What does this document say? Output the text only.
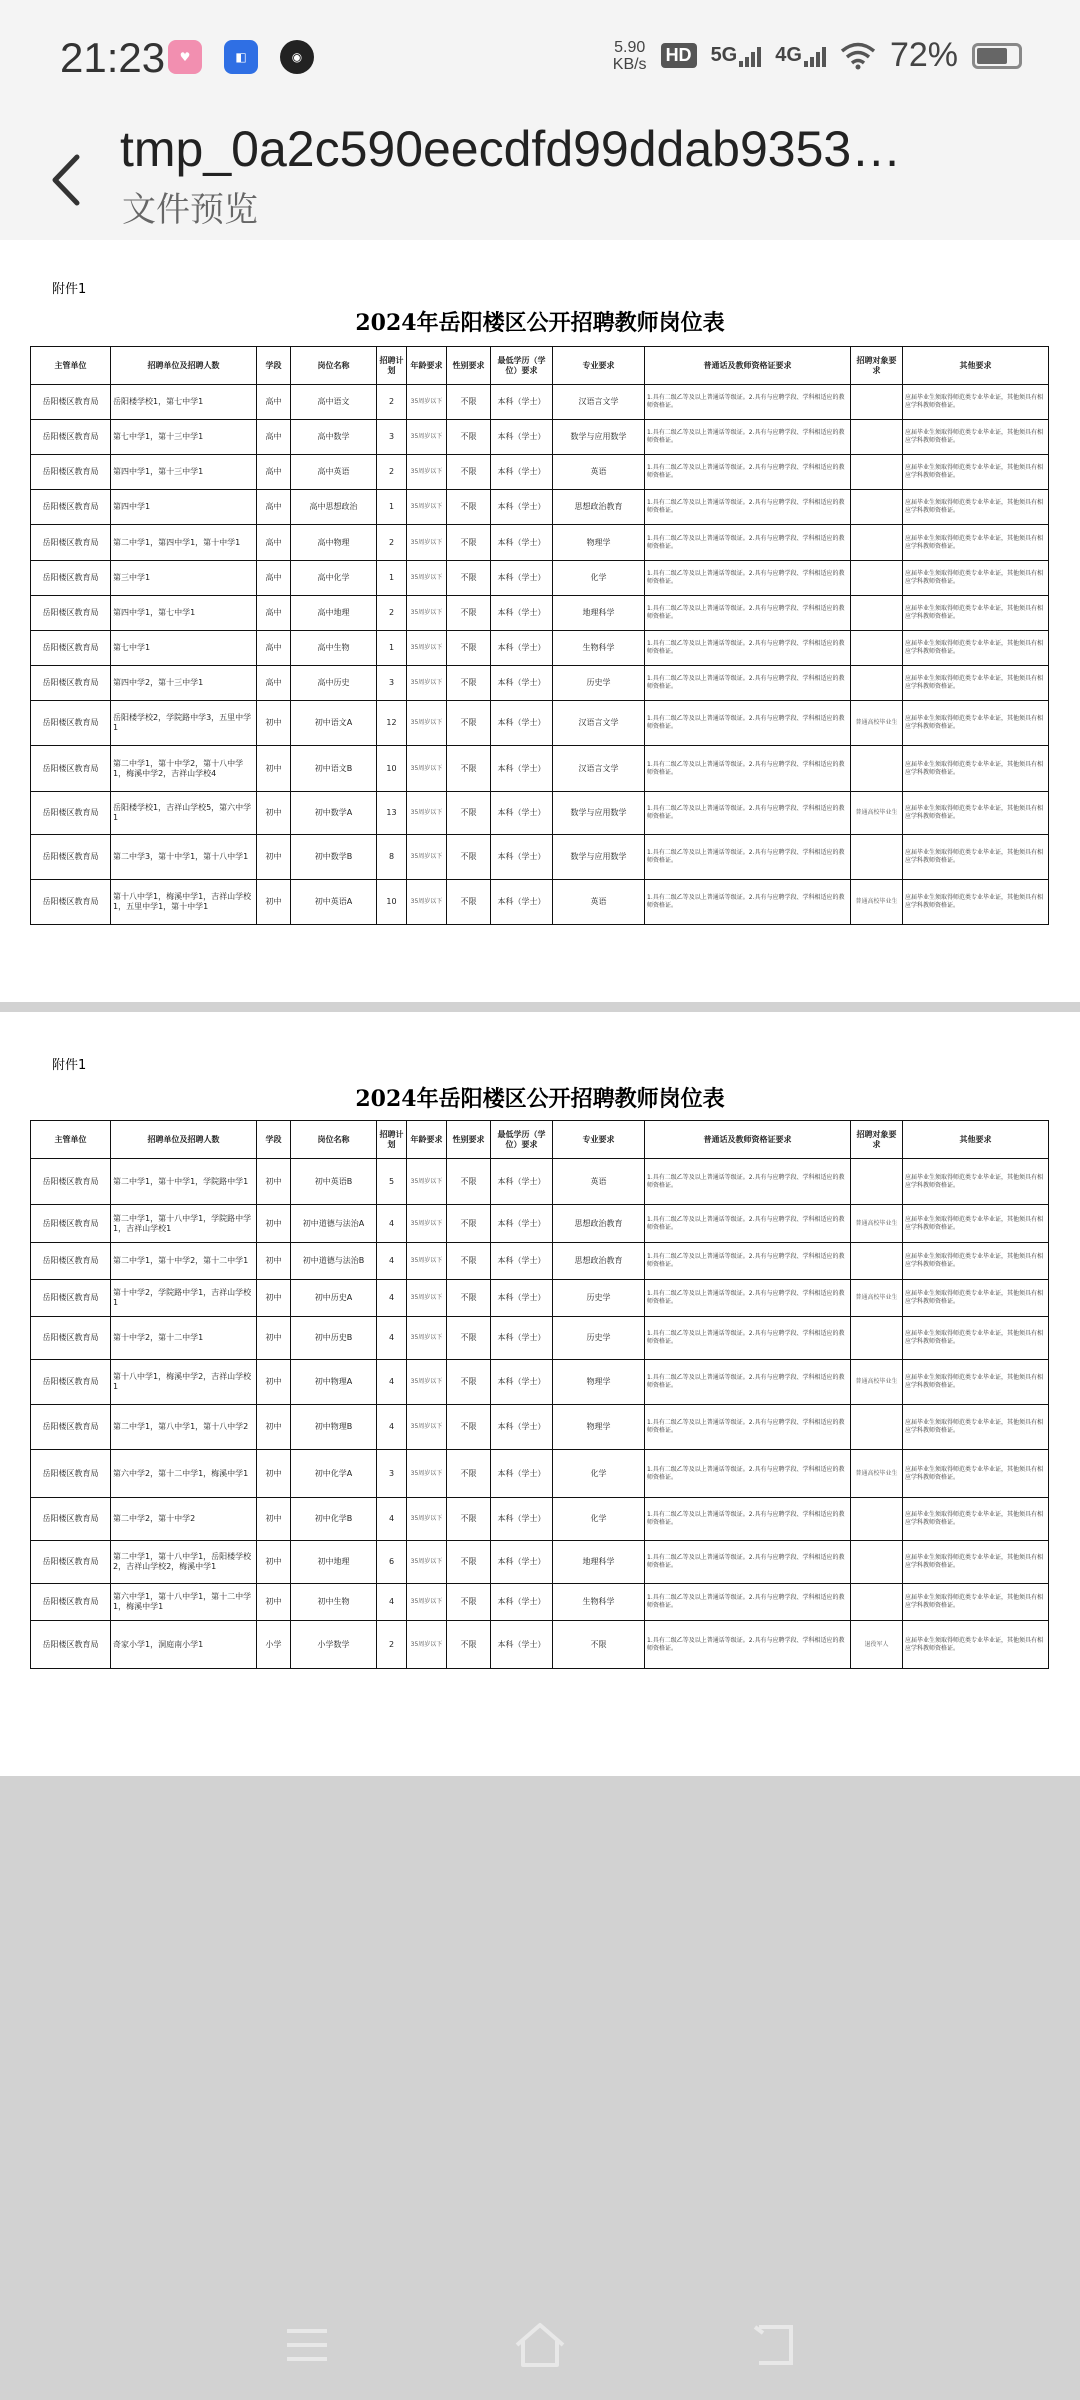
21:23	♥	◧	◉
5.90
KB/s HD 5G 4G	72%
tmp_0a2c590eecdfd99ddab9353…
文件预览
附件1
2024年岳阳楼区公开招聘教师岗位表
主管单位	招聘单位及招聘人数	学段	岗位名称	招聘计划	年龄要求	性别要求	最低学历（学位）要求	专业要求	普通话及教师资格证要求	招聘对象要求	其他要求
岳阳楼区教育局	岳阳楼学校1，第七中学1	高中	高中语文	2	35周岁以下	不限	本科（学士）	汉语言文学	1.具有二级乙等及以上普通话等级证。2.具有与应聘学段、学科相适应的教师资格证。		应届毕业生须取得师范类专业毕业证，其他须具有相应学科教师资格证。
岳阳楼区教育局	第七中学1，第十三中学1	高中	高中数学	3	35周岁以下	不限	本科（学士）	数学与应用数学	1.具有二级乙等及以上普通话等级证。2.具有与应聘学段、学科相适应的教师资格证。		应届毕业生须取得师范类专业毕业证，其他须具有相应学科教师资格证。
岳阳楼区教育局	第四中学1，第十三中学1	高中	高中英语	2	35周岁以下	不限	本科（学士）	英语	1.具有二级乙等及以上普通话等级证。2.具有与应聘学段、学科相适应的教师资格证。		应届毕业生须取得师范类专业毕业证，其他须具有相应学科教师资格证。
岳阳楼区教育局	第四中学1	高中	高中思想政治	1	35周岁以下	不限	本科（学士）	思想政治教育	1.具有二级乙等及以上普通话等级证。2.具有与应聘学段、学科相适应的教师资格证。		应届毕业生须取得师范类专业毕业证，其他须具有相应学科教师资格证。
岳阳楼区教育局	第二中学1，第四中学1，第十中学1	高中	高中物理	2	35周岁以下	不限	本科（学士）	物理学	1.具有二级乙等及以上普通话等级证。2.具有与应聘学段、学科相适应的教师资格证。		应届毕业生须取得师范类专业毕业证，其他须具有相应学科教师资格证。
岳阳楼区教育局	第三中学1	高中	高中化学	1	35周岁以下	不限	本科（学士）	化学	1.具有二级乙等及以上普通话等级证。2.具有与应聘学段、学科相适应的教师资格证。		应届毕业生须取得师范类专业毕业证，其他须具有相应学科教师资格证。
岳阳楼区教育局	第四中学1，第七中学1	高中	高中地理	2	35周岁以下	不限	本科（学士）	地理科学	1.具有二级乙等及以上普通话等级证。2.具有与应聘学段、学科相适应的教师资格证。		应届毕业生须取得师范类专业毕业证，其他须具有相应学科教师资格证。
岳阳楼区教育局	第七中学1	高中	高中生物	1	35周岁以下	不限	本科（学士）	生物科学	1.具有二级乙等及以上普通话等级证。2.具有与应聘学段、学科相适应的教师资格证。		应届毕业生须取得师范类专业毕业证，其他须具有相应学科教师资格证。
岳阳楼区教育局	第四中学2，第十三中学1	高中	高中历史	3	35周岁以下	不限	本科（学士）	历史学	1.具有二级乙等及以上普通话等级证。2.具有与应聘学段、学科相适应的教师资格证。		应届毕业生须取得师范类专业毕业证，其他须具有相应学科教师资格证。
岳阳楼区教育局	岳阳楼学校2，学院路中学3，五里中学1	初中	初中语文A	12	35周岁以下	不限	本科（学士）	汉语言文学	1.具有二级乙等及以上普通话等级证。2.具有与应聘学段、学科相适应的教师资格证。	普通高校毕业生	应届毕业生须取得师范类专业毕业证，其他须具有相应学科教师资格证。
岳阳楼区教育局	第二中学1，第十中学2，第十八中学1，梅溪中学2，吉祥山学校4	初中	初中语文B	10	35周岁以下	不限	本科（学士）	汉语言文学	1.具有二级乙等及以上普通话等级证。2.具有与应聘学段、学科相适应的教师资格证。		应届毕业生须取得师范类专业毕业证，其他须具有相应学科教师资格证。
岳阳楼区教育局	岳阳楼学校1，吉祥山学校5，第六中学1	初中	初中数学A	13	35周岁以下	不限	本科（学士）	数学与应用数学	1.具有二级乙等及以上普通话等级证。2.具有与应聘学段、学科相适应的教师资格证。	普通高校毕业生	应届毕业生须取得师范类专业毕业证，其他须具有相应学科教师资格证。
岳阳楼区教育局	第二中学3，第十中学1，第十八中学1	初中	初中数学B	8	35周岁以下	不限	本科（学士）	数学与应用数学	1.具有二级乙等及以上普通话等级证。2.具有与应聘学段、学科相适应的教师资格证。		应届毕业生须取得师范类专业毕业证，其他须具有相应学科教师资格证。
岳阳楼区教育局	第十八中学1，梅溪中学1，吉祥山学校1，五里中学1，第十中学1	初中	初中英语A	10	35周岁以下	不限	本科（学士）	英语	1.具有二级乙等及以上普通话等级证。2.具有与应聘学段、学科相适应的教师资格证。	普通高校毕业生	应届毕业生须取得师范类专业毕业证，其他须具有相应学科教师资格证。
附件1
2024年岳阳楼区公开招聘教师岗位表
主管单位	招聘单位及招聘人数	学段	岗位名称	招聘计划	年龄要求	性别要求	最低学历（学位）要求	专业要求	普通话及教师资格证要求	招聘对象要求	其他要求
岳阳楼区教育局	第二中学1，第十中学1，学院路中学1	初中	初中英语B	5	35周岁以下	不限	本科（学士）	英语	1.具有二级乙等及以上普通话等级证。2.具有与应聘学段、学科相适应的教师资格证。		应届毕业生须取得师范类专业毕业证，其他须具有相应学科教师资格证。
岳阳楼区教育局	第二中学1，第十八中学1，学院路中学1，吉祥山学校1	初中	初中道德与法治A	4	35周岁以下	不限	本科（学士）	思想政治教育	1.具有二级乙等及以上普通话等级证。2.具有与应聘学段、学科相适应的教师资格证。	普通高校毕业生	应届毕业生须取得师范类专业毕业证，其他须具有相应学科教师资格证。
岳阳楼区教育局	第二中学1，第十中学2，第十二中学1	初中	初中道德与法治B	4	35周岁以下	不限	本科（学士）	思想政治教育	1.具有二级乙等及以上普通话等级证。2.具有与应聘学段、学科相适应的教师资格证。		应届毕业生须取得师范类专业毕业证，其他须具有相应学科教师资格证。
岳阳楼区教育局	第十中学2，学院路中学1，吉祥山学校1	初中	初中历史A	4	35周岁以下	不限	本科（学士）	历史学	1.具有二级乙等及以上普通话等级证。2.具有与应聘学段、学科相适应的教师资格证。	普通高校毕业生	应届毕业生须取得师范类专业毕业证，其他须具有相应学科教师资格证。
岳阳楼区教育局	第十中学2，第十二中学1	初中	初中历史B	4	35周岁以下	不限	本科（学士）	历史学	1.具有二级乙等及以上普通话等级证。2.具有与应聘学段、学科相适应的教师资格证。		应届毕业生须取得师范类专业毕业证，其他须具有相应学科教师资格证。
岳阳楼区教育局	第十八中学1，梅溪中学2，吉祥山学校1	初中	初中物理A	4	35周岁以下	不限	本科（学士）	物理学	1.具有二级乙等及以上普通话等级证。2.具有与应聘学段、学科相适应的教师资格证。	普通高校毕业生	应届毕业生须取得师范类专业毕业证，其他须具有相应学科教师资格证。
岳阳楼区教育局	第二中学1，第八中学1，第十八中学2	初中	初中物理B	4	35周岁以下	不限	本科（学士）	物理学	1.具有二级乙等及以上普通话等级证。2.具有与应聘学段、学科相适应的教师资格证。		应届毕业生须取得师范类专业毕业证，其他须具有相应学科教师资格证。
岳阳楼区教育局	第六中学2，第十二中学1，梅溪中学1	初中	初中化学A	3	35周岁以下	不限	本科（学士）	化学	1.具有二级乙等及以上普通话等级证。2.具有与应聘学段、学科相适应的教师资格证。	普通高校毕业生	应届毕业生须取得师范类专业毕业证，其他须具有相应学科教师资格证。
岳阳楼区教育局	第二中学2，第十中学2	初中	初中化学B	4	35周岁以下	不限	本科（学士）	化学	1.具有二级乙等及以上普通话等级证。2.具有与应聘学段、学科相适应的教师资格证。		应届毕业生须取得师范类专业毕业证，其他须具有相应学科教师资格证。
岳阳楼区教育局	第二中学1，第十八中学1，岳阳楼学校2，吉祥山学校2，梅溪中学1	初中	初中地理	6	35周岁以下	不限	本科（学士）	地理科学	1.具有二级乙等及以上普通话等级证。2.具有与应聘学段、学科相适应的教师资格证。		应届毕业生须取得师范类专业毕业证，其他须具有相应学科教师资格证。
岳阳楼区教育局	第六中学1，第十八中学1，第十二中学1，梅溪中学1	初中	初中生物	4	35周岁以下	不限	本科（学士）	生物科学	1.具有二级乙等及以上普通话等级证。2.具有与应聘学段、学科相适应的教师资格证。		应届毕业生须取得师范类专业毕业证，其他须具有相应学科教师资格证。
岳阳楼区教育局	奇家小学1，洞庭南小学1	小学	小学数学	2	35周岁以下	不限	本科（学士）	不限	1.具有二级乙等及以上普通话等级证。2.具有与应聘学段、学科相适应的教师资格证。	退役军人	应届毕业生须取得师范类专业毕业证，其他须具有相应学科教师资格证。
